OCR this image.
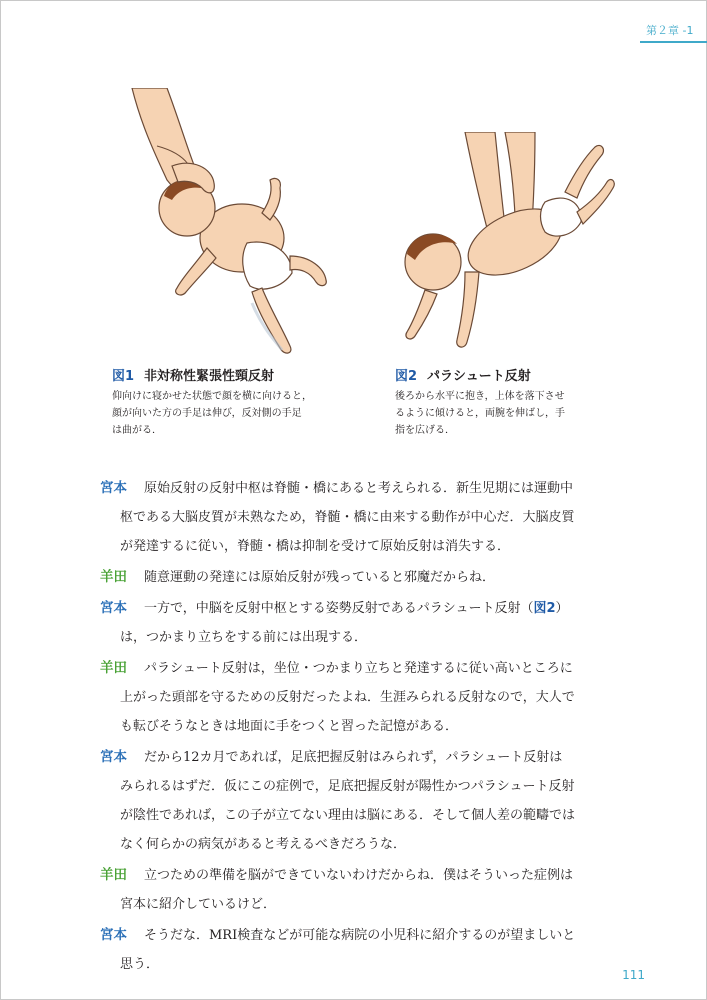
第２章 -1
図1 非対称性緊張性頸反射
仰向けに寝かせた状態で顔を横に向けると，
顔が向いた方の手足は伸び，反対側の手足
は曲がる．
図2 パラシュート反射
後ろから水平に抱き，上体を落下させ
るように傾けると，両腕を伸ばし，手
指を広げる．
宮本 原始反射の反射中枢は脊髄・橋にあると考えられる．新生児期には運動中
枢である大脳皮質が未熟なため，脊髄・橋に由来する動作が中心だ．大脳皮質
が発達するに従い，脊髄・橋は抑制を受けて原始反射は消失する．
羊田 随意運動の発達には原始反射が残っていると邪魔だからね．
宮本 一方で，中脳を反射中枢とする姿勢反射であるパラシュート反射（図2）
は，つかまり立ちをする前には出現する．
羊田 パラシュート反射は，坐位・つかまり立ちと発達するに従い高いところに
上がった頭部を守るための反射だったよね．生涯みられる反射なので，大人で
も転びそうなときは地面に手をつくと習った記憶がある．
宮本 だから12カ月であれば，足底把握反射はみられず，パラシュート反射は
みられるはずだ．仮にこの症例で，足底把握反射が陽性かつパラシュート反射
が陰性であれば，この子が立てない理由は脳にある．そして個人差の範疇では
なく何らかの病気があると考えるべきだろうな．
羊田 立つための準備を脳ができていないわけだからね．僕はそういった症例は
宮本に紹介しているけど．
宮本 そうだな．MRI検査などが可能な病院の小児科に紹介するのが望ましいと
思う．
111
